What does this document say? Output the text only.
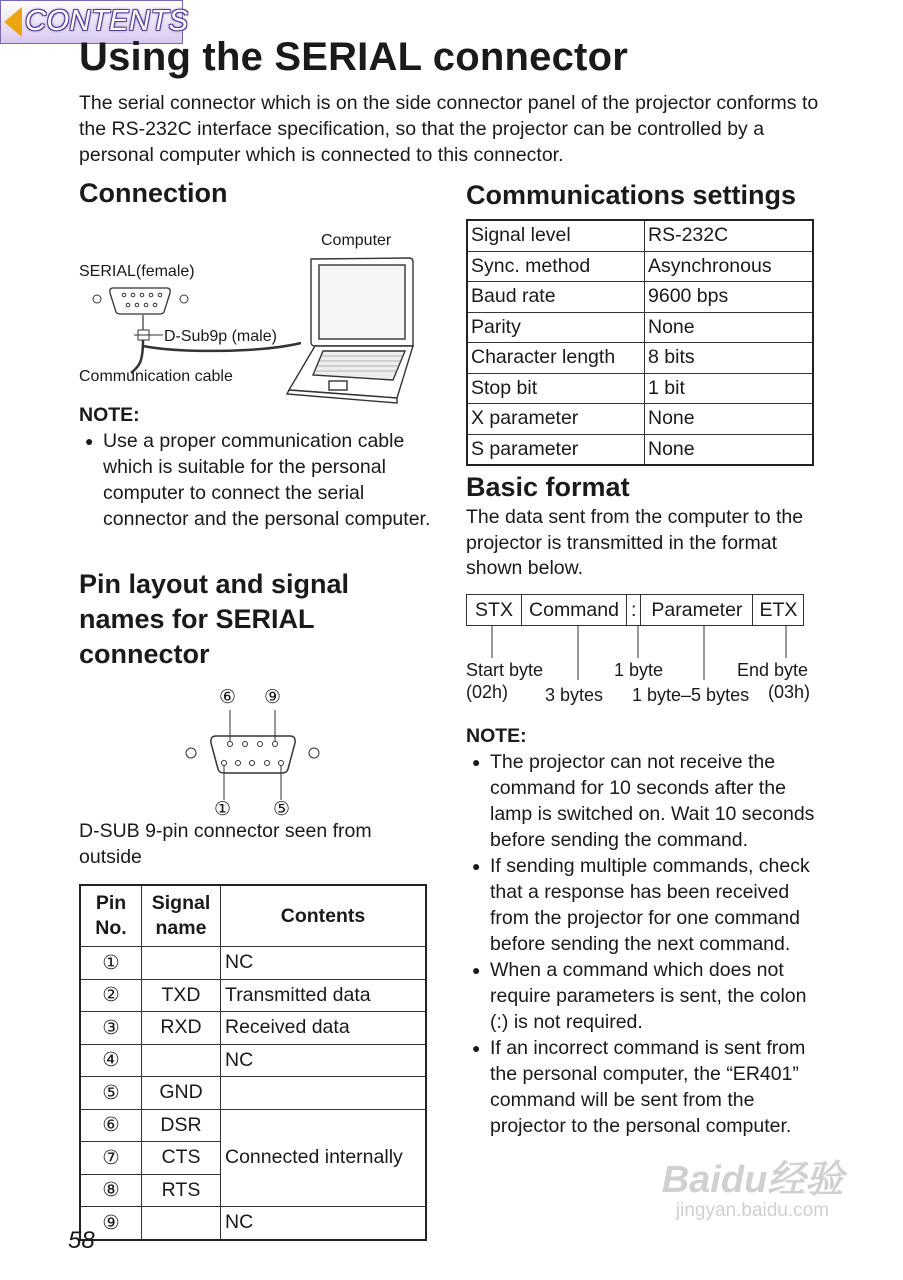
CONTENTS
Using the SERIAL connector
The serial connector which is on the side connector panel of the projector conforms to the RS-232C interface specification, so that the projector can be controlled by a personal computer which is connected to this connector.
Connection
Computer
SERIAL(female)
D-Sub9p (male)
Communication cable
NOTE:
● Use a proper communication cable which is suitable for the personal computer to connect the serial connector and the personal computer.
Pin layout and signal names for SERIAL connector
⑥ ⑨
① ⑤
D-SUB 9-pin connector seen from outside
Pin No.	Signal name	Contents
①		NC
②	TXD	Transmitted data
③	RXD	Received data
④		NC
⑤	GND	
⑥	DSR	Connected internally
⑦	CTS	
⑧	RTS	
⑨		NC
58
Communications settings
Signal level	RS-232C
Sync. method	Asynchronous
Baud rate	9600 bps
Parity	None
Character length	8 bits
Stop bit	1 bit
X parameter	None
S parameter	None
Basic format
The data sent from the computer to the projector is transmitted in the format shown below.
STX	Command	:	Parameter	ETX
Start byte
(02h) 3 bytes
1 byte
1 byte–5 bytes
End byte
(03h)
NOTE:
● The projector can not receive the command for 10 seconds after the lamp is switched on. Wait 10 seconds before sending the command.
● If sending multiple commands, check that a response has been received from the projector for one command before sending the next command.
● When a command which does not require parameters is sent, the colon (:) is not required.
● If an incorrect command is sent from the personal computer, the “ER401” command will be sent from the projector to the personal computer.
Baidu经验
jingyan.baidu.com
